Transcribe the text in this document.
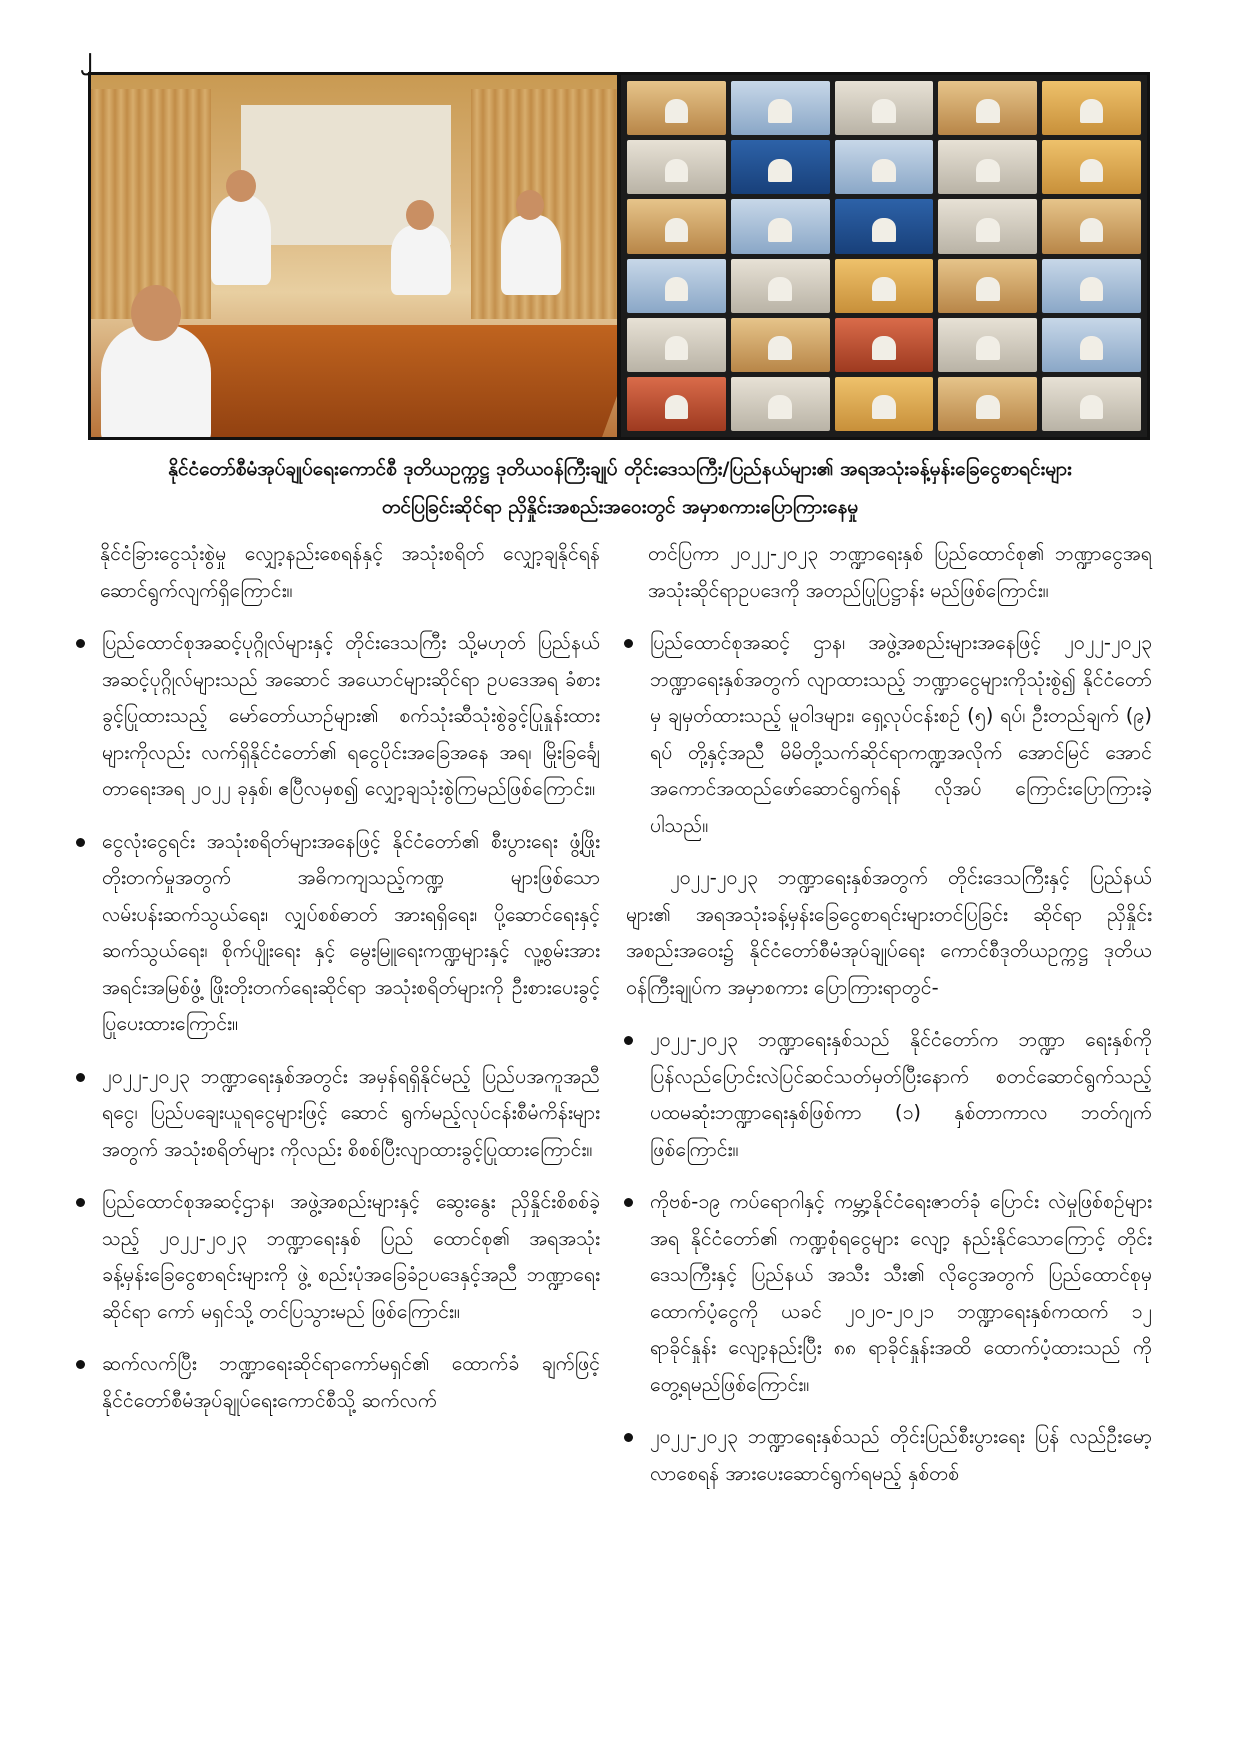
၂
နိုင်ငံတော်စီမံအုပ်ချုပ်ရေးကောင်စီ ဒုတိယဥက္ကဋ္ဌ ဒုတိယဝန်ကြီးချုပ် တိုင်းဒေသကြီး/ပြည်နယ်များ၏ အရအသုံးခန့်မှန်းခြေငွေစာရင်းများ
တင်ပြခြင်းဆိုင်ရာ ညှိနှိုင်းအစည်းအဝေးတွင် အမှာစကားပြောကြားနေမှု

နိုင်ငံခြားငွေသုံးစွဲမှု လျှော့နည်းစေရန်နှင့် အသုံးစရိတ် လျှော့ချနိုင်ရန် ဆောင်ရွက်လျက်ရှိကြောင်း။

ပြည်ထောင်စုအဆင့်ပုဂ္ဂိုလ်များနှင့် တိုင်းဒေသကြီး သို့မဟုတ် ပြည်နယ်အဆင့်ပုဂ္ဂိုလ်များသည် အဆောင် အယောင်များဆိုင်ရာ ဥပဒေအရ ခံစားခွင့်ပြုထားသည့် မော်တော်ယာဉ်များ၏ စက်သုံးဆီသုံးစွဲခွင့်ပြုနှုန်းထား များကိုလည်း လက်ရှိနိုင်ငံတော်၏ ရငွေပိုင်းအခြေအနေ အရ၊ မြိုးခြင်္ချေတာရေးအရ ၂၀၂၂ ခုနှစ်၊ ဧပြီလမှစ၍ လျှော့ချသုံးစွဲကြမည်ဖြစ်ကြောင်း။
ငွေလုံးငွေရင်း အသုံးစရိတ်များအနေဖြင့် နိုင်ငံတော်၏ စီးပွားရေး ဖွံ့ဖြိုးတိုးတက်မှုအတွက် အဓိကကျသည့်ကဏ္ဍ များဖြစ်သော လမ်းပန်းဆက်သွယ်ရေး၊ လျှပ်စစ်ဓာတ် အားရရှိရေး၊ ပို့ဆောင်ရေးနှင့်ဆက်သွယ်ရေး၊ စိုက်ပျိုးရေး နှင့် မွေးမြူရေးကဏ္ဍများနှင့် လူ့စွမ်းအားအရင်းအမြစ်ဖွံ့ ဖြိုးတိုးတက်ရေးဆိုင်ရာ အသုံးစရိတ်များကို ဦးစားပေးခွင့် ပြုပေးထားကြောင်း။
၂၀၂၂-၂၀၂၃ ဘဏ္ဍာရေးနှစ်အတွင်း အမှန်ရရှိနိုင်မည့် ပြည်ပအကူအညီရငွေ၊ ပြည်ပချေးယူရငွေများဖြင့် ဆောင် ရွက်မည့်လုပ်ငန်းစီမံကိန်းများအတွက် အသုံးစရိတ်များ ကိုလည်း စိစစ်ပြီးလျာထားခွင့်ပြုထားကြောင်း။
ပြည်ထောင်စုအဆင့်ဌာန၊ အဖွဲ့အစည်းများနှင့် ဆွေးနွေး ညှိနှိုင်းစိစစ်ခဲ့သည့် ၂၀၂၂-၂၀၂၃ ဘဏ္ဍာရေးနှစ် ပြည် ထောင်စု၏ အရအသုံးခန့်မှန်းခြေငွေစာရင်းများကို ဖွဲ့ စည်းပုံအခြေခံဥပဒေနှင့်အညီ ဘဏ္ဍာရေးဆိုင်ရာ ကော် မရှင်သို့ တင်ပြသွားမည် ဖြစ်ကြောင်း။
ဆက်လက်ပြီး ဘဏ္ဍာရေးဆိုင်ရာကော်မရှင်၏ ထောက်ခံ ချက်ဖြင့် နိုင်ငံတော်စီမံအုပ်ချုပ်ရေးကောင်စီသို့ ဆက်လက်

တင်ပြကာ ၂၀၂၂-၂၀၂၃ ဘဏ္ဍာရေးနှစ် ပြည်ထောင်စု၏ ဘဏ္ဍာငွေအရအသုံးဆိုင်ရာဥပဒေကို အတည်ပြုပြဋ္ဌာန်း မည်ဖြစ်ကြောင်း။

ပြည်ထောင်စုအဆင့် ဌာန၊ အဖွဲ့အစည်းများအနေဖြင့် ၂၀၂၂-၂၀၂၃ ဘဏ္ဍာရေးနှစ်အတွက် လျာထားသည့် ဘဏ္ဍာငွေများကိုသုံးစွဲ၍ နိုင်ငံတော်မှ ချမှတ်ထားသည့် မူဝါဒများ၊ ရှေ့လုပ်ငန်းစဉ် (၅) ရပ်၊ ဦးတည်ချက် (၉) ရပ် တို့နှင့်အညီ မိမိတို့သက်ဆိုင်ရာကဏ္ဍအလိုက် အောင်မြင် အောင် အကောင်အထည်ဖော်ဆောင်ရွက်ရန် လိုအပ် ကြောင်းပြောကြားခဲ့ပါသည်။

၂၀၂၂-၂၀၂၃ ဘဏ္ဍာရေးနှစ်အတွက် တိုင်းဒေသကြီးနှင့် ပြည်နယ်များ၏ အရအသုံးခန့်မှန်းခြေငွေစာရင်းများတင်ပြခြင်း ဆိုင်ရာ ညှိနှိုင်းအစည်းအဝေး၌ နိုင်ငံတော်စီမံအုပ်ချုပ်ရေး ကောင်စီဒုတိယဥက္ကဋ္ဌ ဒုတိယဝန်ကြီးချုပ်က အမှာစကား ပြောကြားရာတွင်-

၂၀၂၂-၂၀၂၃ ဘဏ္ဍာရေးနှစ်သည် နိုင်ငံတော်က ဘဏ္ဍာ ရေးနှစ်ကို ပြန်လည်ပြောင်းလဲပြင်ဆင်သတ်မှတ်ပြီးနောက် စတင်ဆောင်ရွက်သည့် ပထမဆုံးဘဏ္ဍာရေးနှစ်ဖြစ်ကာ (၁) နှစ်တာကာလ ဘတ်ဂျက်ဖြစ်ကြောင်း။
ကိုဗစ်-၁၉ ကပ်ရောဂါနှင့် ကမ္ဘာ့နိုင်ငံရေးဇာတ်ခုံ ပြောင်း လဲမှုဖြစ်စဉ်များအရ နိုင်ငံတော်၏ ကဏ္ဍစုံရငွေများ လျော့ နည်းနိုင်သောကြောင့် တိုင်းဒေသကြီးနှင့် ပြည်နယ် အသီး သီး၏ လိုငွေအတွက် ပြည်ထောင်စုမှ ထောက်ပံ့ငွေကို ယခင် ၂၀၂၀-၂၀၂၁ ဘဏ္ဍာရေးနှစ်ကထက် ၁၂ ရာခိုင်နှုန်း လျော့နည်းပြီး ၈၈ ရာခိုင်နှုန်းအထိ ထောက်ပံ့ထားသည် ကို တွေ့ရမည်ဖြစ်ကြောင်း။
၂၀၂၂-၂၀၂၃ ဘဏ္ဍာရေးနှစ်သည် တိုင်းပြည်စီးပွားရေး ပြန် လည်ဦးမော့လာစေရန် အားပေးဆောင်ရွက်ရမည့် နှစ်တစ်
